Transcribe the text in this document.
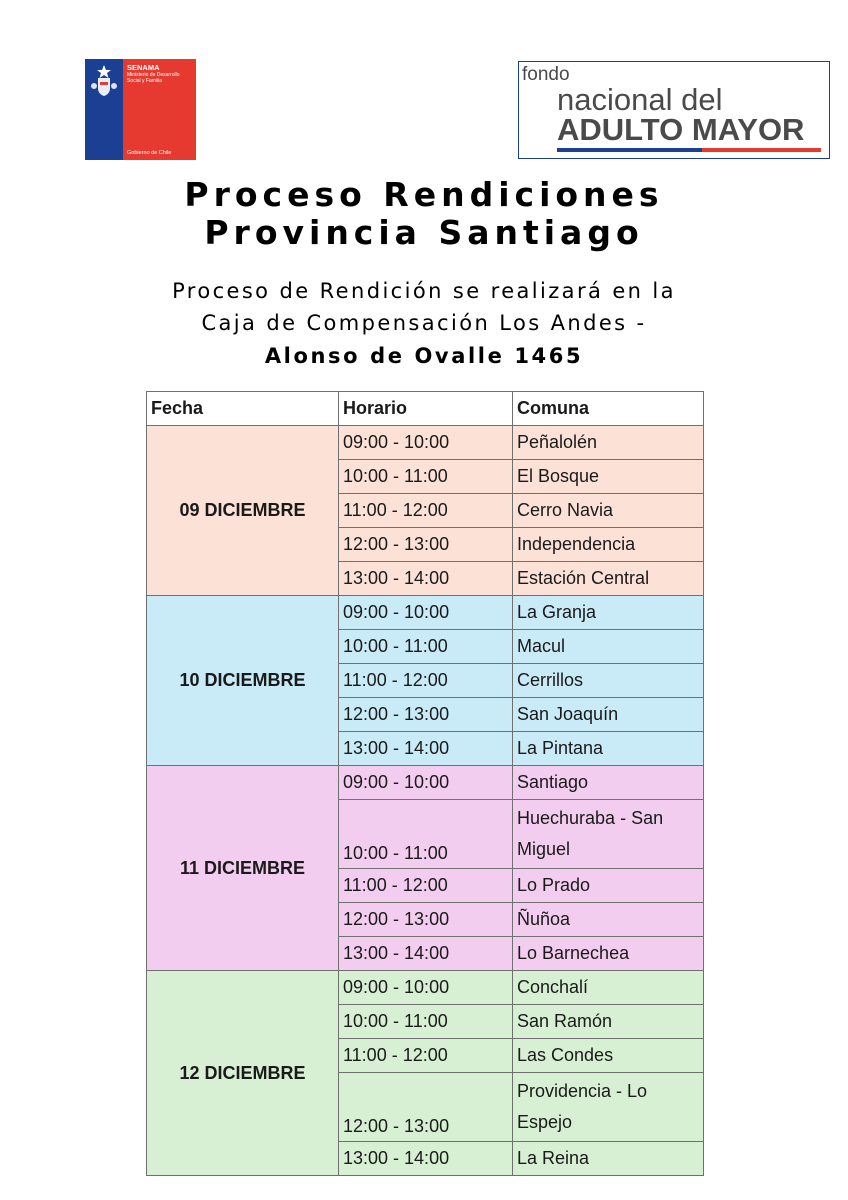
SENAMA
Ministerio de Desarrollo Social y Familia
Gobierno de Chile
fondo
nacional del
ADULTO MAYOR
Proceso Rendiciones
Provincia Santiago
Proceso de Rendición se realizará en la
Caja de Compensación Los Andes -
Alonso de Ovalle 1465
Fecha	Horario	Comuna
09 DICIEMBRE	09:00 - 10:00	Peñalolén
	10:00 - 11:00	El Bosque
	11:00 - 12:00	Cerro Navia
	12:00 - 13:00	Independencia
	13:00 - 14:00	Estación Central
10 DICIEMBRE	09:00 - 10:00	La Granja
	10:00 - 11:00	Macul
	11:00 - 12:00	Cerrillos
	12:00 - 13:00	San Joaquín
	13:00 - 14:00	La Pintana
11 DICIEMBRE	09:00 - 10:00	Santiago
	10:00 - 11:00	Huechuraba - San Miguel
	11:00 - 12:00	Lo Prado
	12:00 - 13:00	Ñuñoa
	13:00 - 14:00	Lo Barnechea
12 DICIEMBRE	09:00 - 10:00	Conchalí
	10:00 - 11:00	San Ramón
	11:00 - 12:00	Las Condes
	12:00 - 13:00	Providencia - Lo Espejo
	13:00 - 14:00	La Reina
